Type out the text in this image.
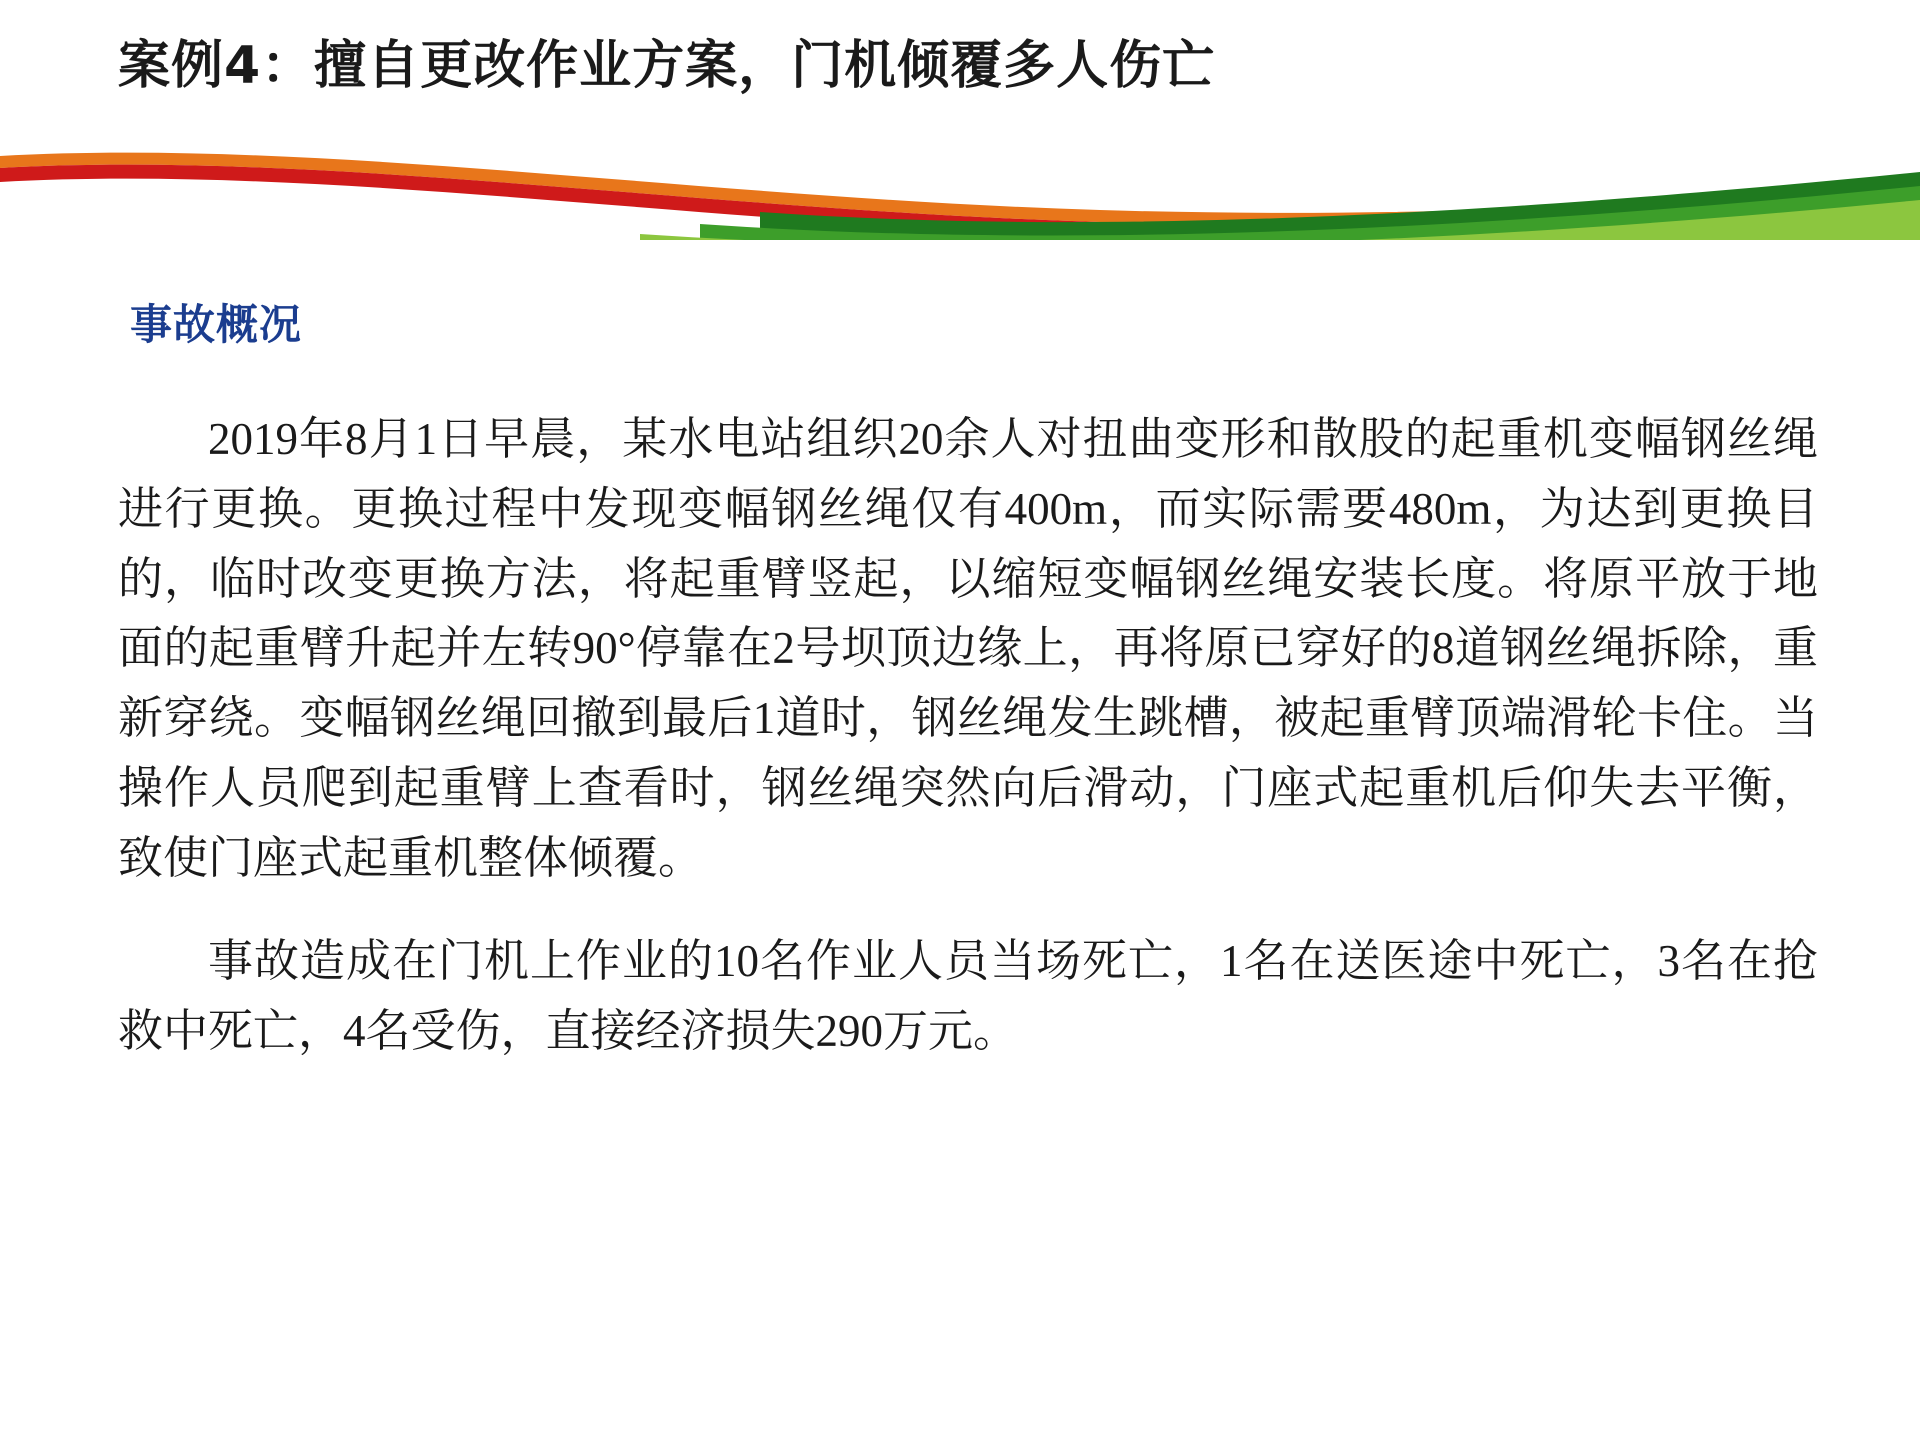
案例4：擅自更改作业方案，门机倾覆多人伤亡
事故概况

2019年8月1日早晨，某水电站组织20余人对扭曲变形和散股的起重机变幅钢丝绳进行更换。更换过程中发现变幅钢丝绳仅有400m，而实际需要480m，为达到更换目的，临时改变更换方法，将起重臂竖起，以缩短变幅钢丝绳安装长度。将原平放于地面的起重臂升起并左转90°停靠在2号坝顶边缘上，再将原已穿好的8道钢丝绳拆除，重新穿绕。变幅钢丝绳回撤到最后1道时，钢丝绳发生跳槽，被起重臂顶端滑轮卡住。当操作人员爬到起重臂上查看时，钢丝绳突然向后滑动，门座式起重机后仰失去平衡，致使门座式起重机整体倾覆。

事故造成在门机上作业的10名作业人员当场死亡，1名在送医途中死亡，3名在抢救中死亡，4名受伤，直接经济损失290万元。
